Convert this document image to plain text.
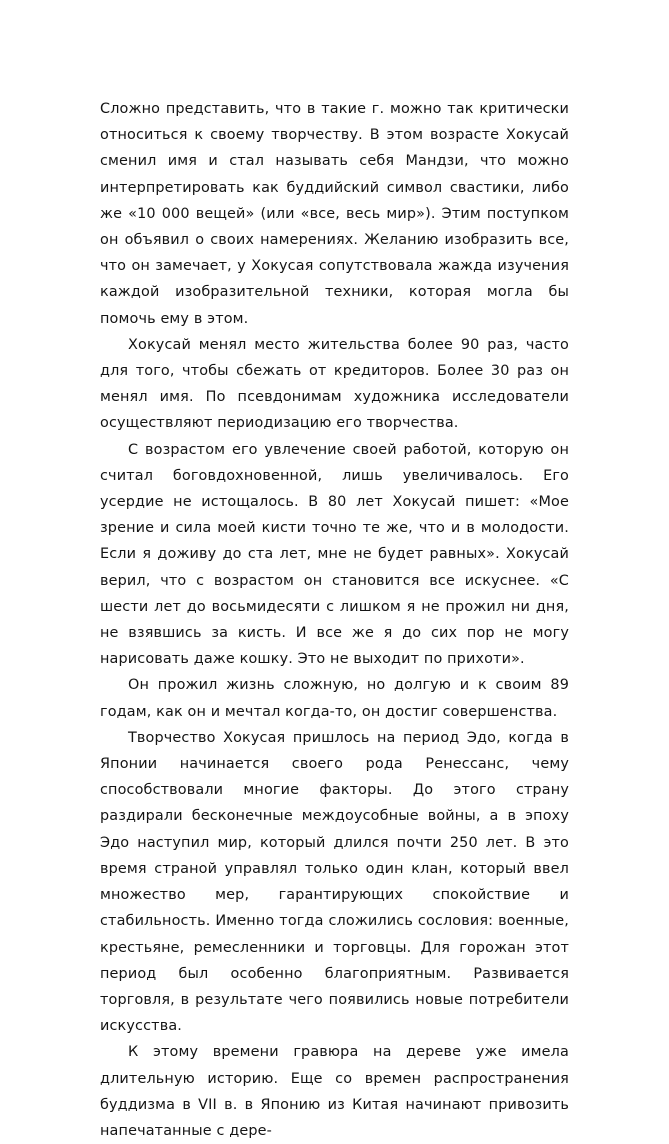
Сложно представить, что в такие г. можно так критически относиться к своему творчеству. В этом возрасте Хокусай сменил имя и стал называть себя Мандзи, что можно интерпретировать как буддийский символ свастики, либо же «10 000 вещей» (или «все, весь мир»). Этим поступком он объявил о своих намерениях. Желанию изобразить все, что он замечает, у Хокусая сопутствовала жажда изучения каждой изобразительной техники, которая могла бы помочь ему в этом.

Хокусай менял место жительства более 90 раз, часто для того, чтобы сбежать от кредиторов. Более 30 раз он менял имя. По псевдонимам художника исследователи осуществляют периодизацию его творчества.

С возрастом его увлечение своей работой, которую он считал боговдохновенной, лишь увеличивалось. Его усердие не истощалось. В 80 лет Хокусай пишет: «Мое зрение и сила моей кисти точно те же, что и в молодости. Если я доживу до ста лет, мне не будет равных». Хокусай верил, что с возрастом он становится все искуснее. «С шести лет до восьмидесяти с лишком я не прожил ни дня, не взявшись за кисть. И все же я до сих пор не могу нарисовать даже кошку. Это не выходит по прихоти».

Он прожил жизнь сложную, но долгую и к своим 89 годам, как он и мечтал когда-то, он достиг совершенства.

Творчество Хокусая пришлось на период Эдо, когда в Японии начинается своего рода Ренессанс, чему способствовали многие факторы. До этого страну раздирали бесконечные междоусобные войны, а в эпоху Эдо наступил мир, который длился почти 250 лет. В это время страной управлял только один клан, который ввел множество мер, гарантирующих спокойствие и стабильность. Именно тогда сложились сословия: военные, крестьяне, ремесленники и торговцы. Для горожан этот период был особенно благоприятным. Развивается торговля, в результате чего появились новые потребители искусства.

К этому времени гравюра на дереве уже имела длительную историю. Еще со времен распространения буддизма в VII в. в Японию из Китая начинают привозить напечатанные с дере-
